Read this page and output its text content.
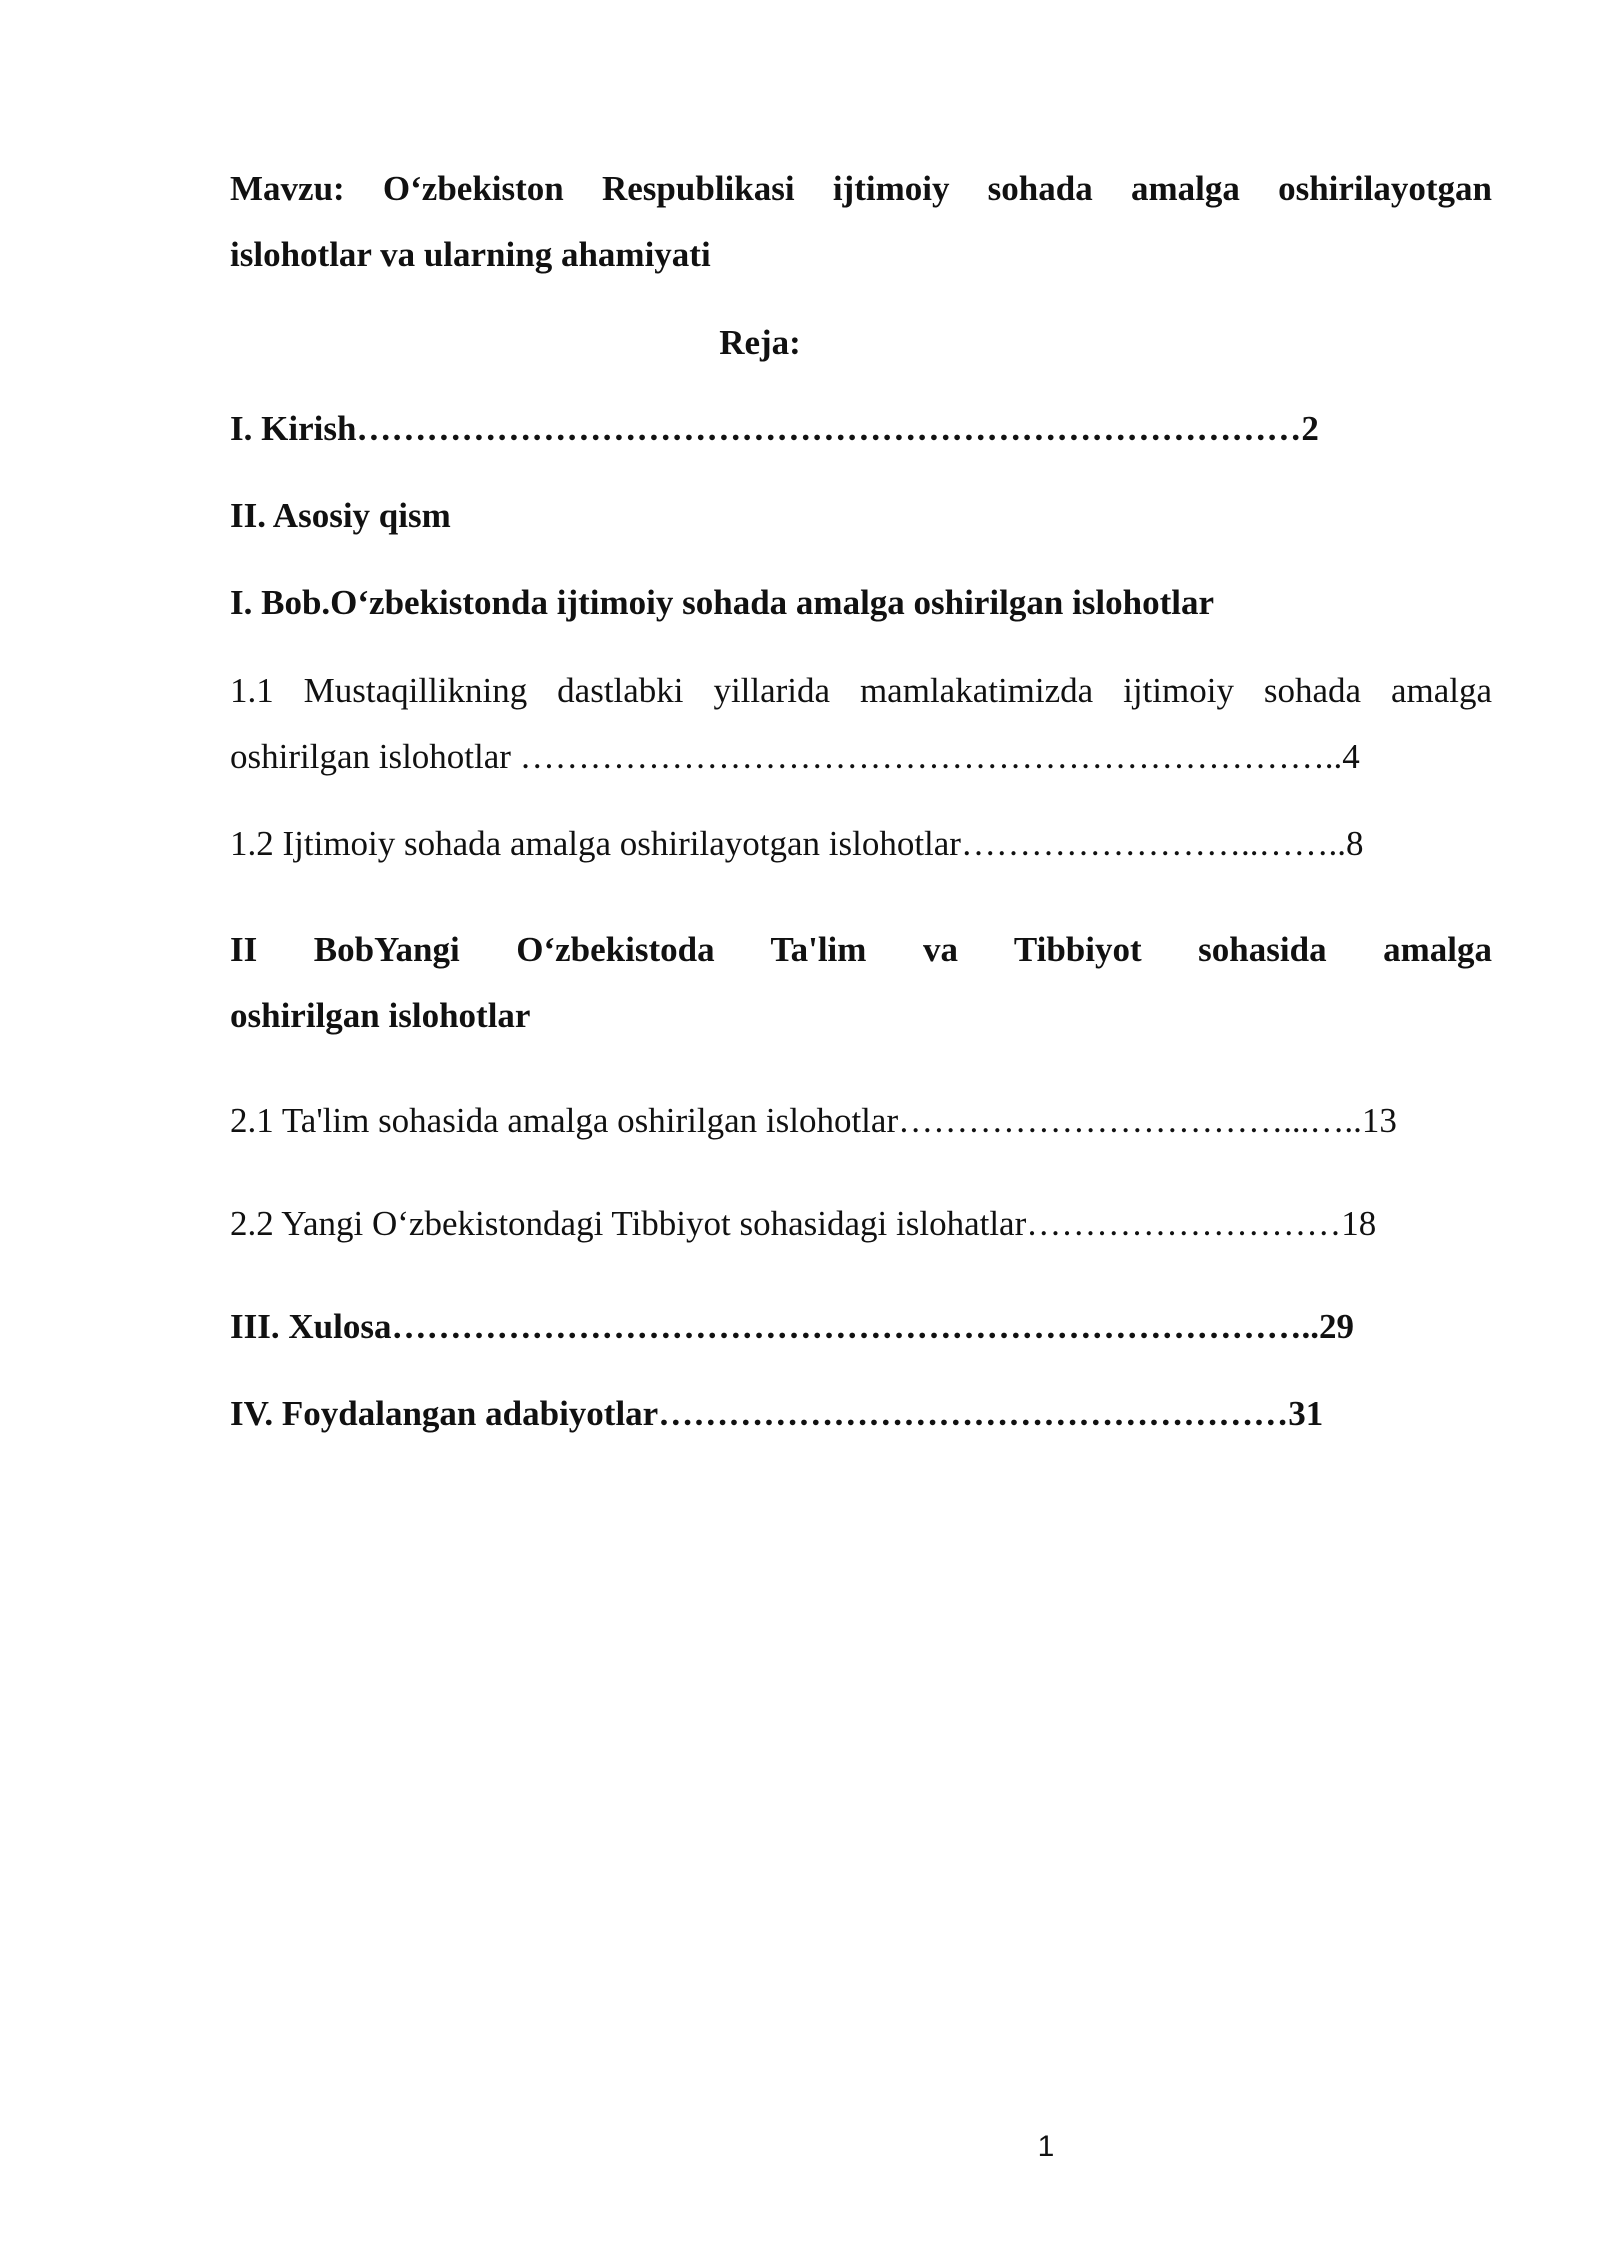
Mavzu: O‘zbekiston Respublikasi ijtimoiy sohada amalga oshirilayotgan
islohotlar va ularning ahamiyati
Reja:
I. Kirish………………………………………………………………………2
II. Asosiy qism
I. Bob.O‘zbekistonda ijtimoiy sohada amalga oshirilgan islohotlar
1.1 Mustaqillikning dastlabki yillarida mamlakatimizda ijtimoiy sohada amalga
oshirilgan islohotlar ……………………………………………………………..4
1.2 Ijtimoiy sohada amalga oshirilayotgan islohotlar……………………..……..8
II BobYangi O‘zbekistoda Ta'lim va Tibbiyot sohasida amalga
oshirilgan islohotlar
2.1 Ta'lim sohasida amalga oshirilgan islohotlar……………………………...…..13
2.2 Yangi O‘zbekistondagi Tibbiyot sohasidagi islohatlar………………………18
III. Xulosa……………………………………………………………………..29
IV. Foydalangan adabiyotlar………………………………………………31
1
